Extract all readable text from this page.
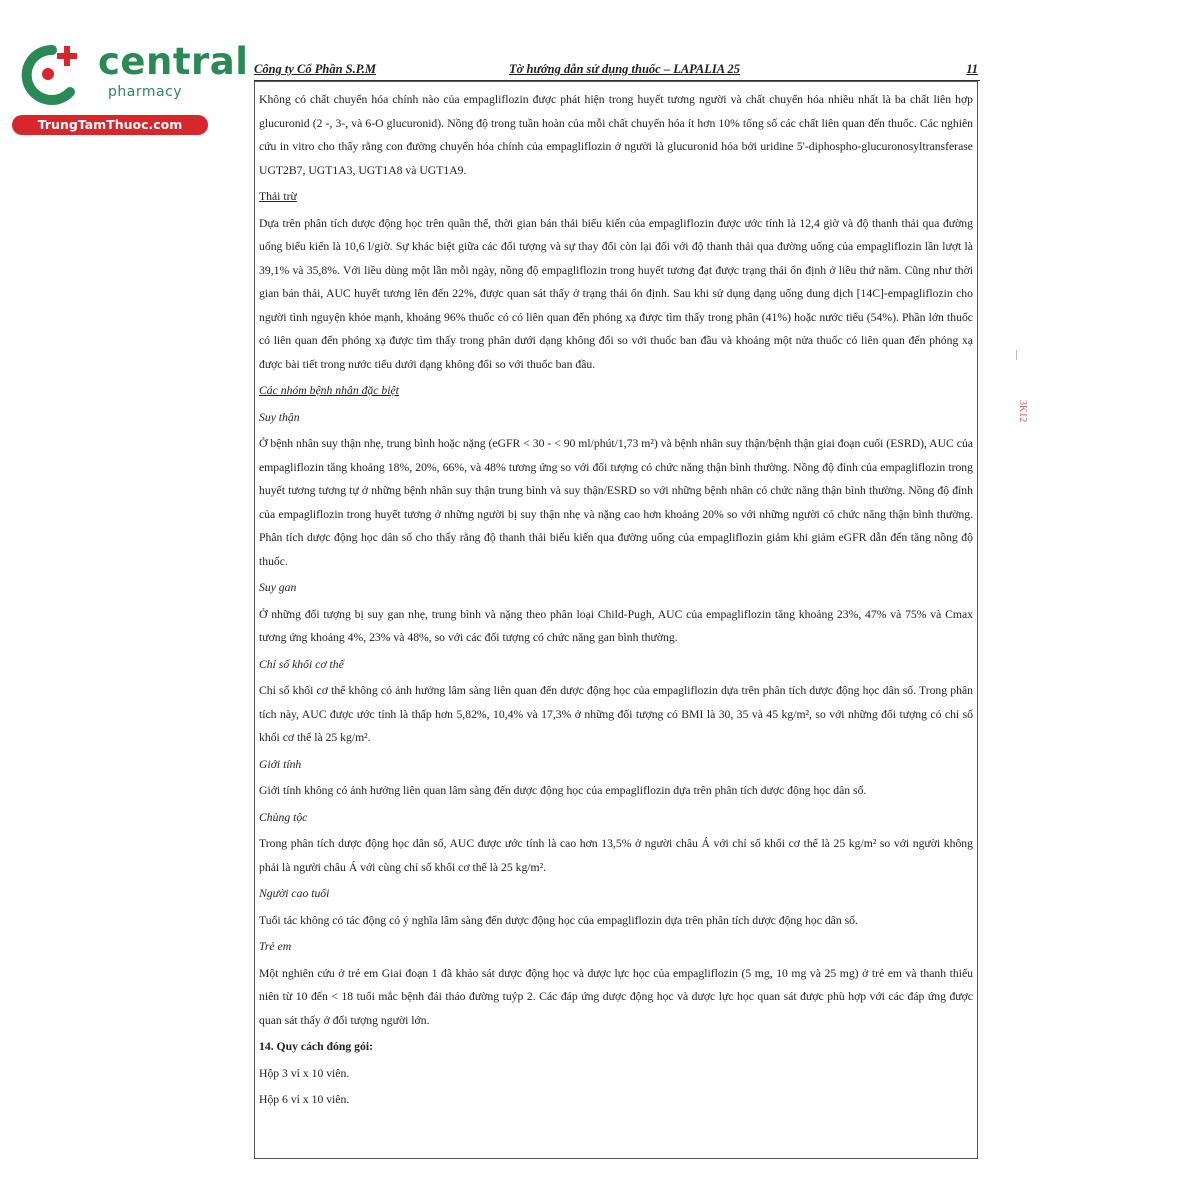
central
pharmacy
TrungTamThuoc.com
Công ty Cổ Phần S.P.M	Tờ hướng dẫn sử dụng thuốc – LAPALIA 25	11
3K12

Không có chất chuyển hóa chính nào của empagliflozin được phát hiện trong huyết tương người và chất chuyển hóa nhiều nhất là ba chất liên hợp glucuronid (2 -, 3-, và 6-O glucuronid). Nồng độ trong tuần hoàn của mỗi chất chuyển hóa ít hơn 10% tổng số các chất liên quan đến thuốc. Các nghiên cứu in vitro cho thấy rằng con đường chuyển hóa chính của empagliflozin ở người là glucuronid hóa bởi uridine 5'-diphospho-glucuronosyltransferase UGT2B7, UGT1A3, UGT1A8 và UGT1A9.

Thải trừ

Dựa trên phân tích dược động học trên quần thể, thời gian bán thải biểu kiến của empagliflozin được ước tính là 12,4 giờ và độ thanh thải qua đường uống biểu kiến là 10,6 l/giờ. Sự khác biệt giữa các đối tượng và sự thay đổi còn lại đối với độ thanh thải qua đường uống của empagliflozin lần lượt là 39,1% và 35,8%. Với liều dùng một lần mỗi ngày, nồng độ empagliflozin trong huyết tương đạt được trạng thái ổn định ở liều thứ năm. Cũng như thời gian bán thải, AUC huyết tương lên đến 22%, được quan sát thấy ở trạng thái ổn định. Sau khi sử dụng dạng uống dung dịch [14C]-empagliflozin cho người tình nguyện khỏe mạnh, khoảng 96% thuốc có có liên quan đến phóng xạ được tìm thấy trong phân (41%) hoặc nước tiểu (54%). Phần lớn thuốc có liên quan đến phóng xạ được tìm thấy trong phân dưới dạng không đổi so với thuốc ban đầu và khoảng một nửa thuốc có liên quan đến phóng xạ được bài tiết trong nước tiểu dưới dạng không đổi so với thuốc ban đầu.

Các nhóm bệnh nhân đặc biệt

Suy thận

Ở bệnh nhân suy thận nhẹ, trung bình hoặc nặng (eGFR < 30 - < 90 ml/phút/1,73 m²) và bệnh nhân suy thận/bệnh thận giai đoạn cuối (ESRD), AUC của empagliflozin tăng khoảng 18%, 20%, 66%, và 48% tương ứng so với đối tượng có chức năng thận bình thường. Nồng độ đỉnh của empagliflozin trong huyết tương tương tự ở những bệnh nhân suy thận trung bình và suy thận/ESRD so với những bệnh nhân có chức năng thận bình thường. Nồng độ đỉnh của empagliflozin trong huyết tương ở những người bị suy thận nhẹ và nặng cao hơn khoảng 20% so với những người có chức năng thận bình thường. Phân tích dược động học dân số cho thấy rằng độ thanh thải biểu kiến qua đường uống của empagliflozin giảm khi giảm eGFR dẫn đến tăng nồng độ thuốc.

Suy gan

Ở những đối tượng bị suy gan nhẹ, trung bình và nặng theo phân loại Child-Pugh, AUC của empagliflozin tăng khoảng 23%, 47% và 75% và Cmax tương ứng khoảng 4%, 23% và 48%, so với các đối tượng có chức năng gan bình thường.

Chỉ số khối cơ thể

Chỉ số khối cơ thể không có ảnh hưởng lâm sàng liên quan đến dược động học của empagliflozin dựa trên phân tích dược động học dân số. Trong phân tích này, AUC được ước tính là thấp hơn 5,82%, 10,4% và 17,3% ở những đối tượng có BMI là 30, 35 và 45 kg/m², so với những đối tượng có chỉ số khối cơ thể là 25 kg/m².

Giới tính

Giới tính không có ảnh hưởng liên quan lâm sàng đến dược động học của empagliflozin dựa trên phân tích dược động học dân số.

Chủng tộc

Trong phân tích dược động học dân số, AUC được ước tính là cao hơn 13,5% ở người châu Á với chỉ số khối cơ thể là 25 kg/m² so với người không phải là người châu Á với cùng chỉ số khối cơ thể là 25 kg/m².

Người cao tuổi

Tuổi tác không có tác động có ý nghĩa lâm sàng đến dược động học của empagliflozin dựa trên phân tích dược động học dân số.

Trẻ em

Một nghiên cứu ở trẻ em Giai đoạn 1 đã khảo sát dược động học và dược lực học của empagliflozin (5 mg, 10 mg và 25 mg) ở trẻ em và thanh thiếu niên từ 10 đến < 18 tuổi mắc bệnh đái tháo đường tuýp 2. Các đáp ứng dược động học và dược lực học quan sát được phù hợp với các đáp ứng được quan sát thấy ở đối tượng người lớn.

14. Quy cách đóng gói:

Hộp 3 vỉ x 10 viên.

Hộp 6 vỉ x 10 viên.
